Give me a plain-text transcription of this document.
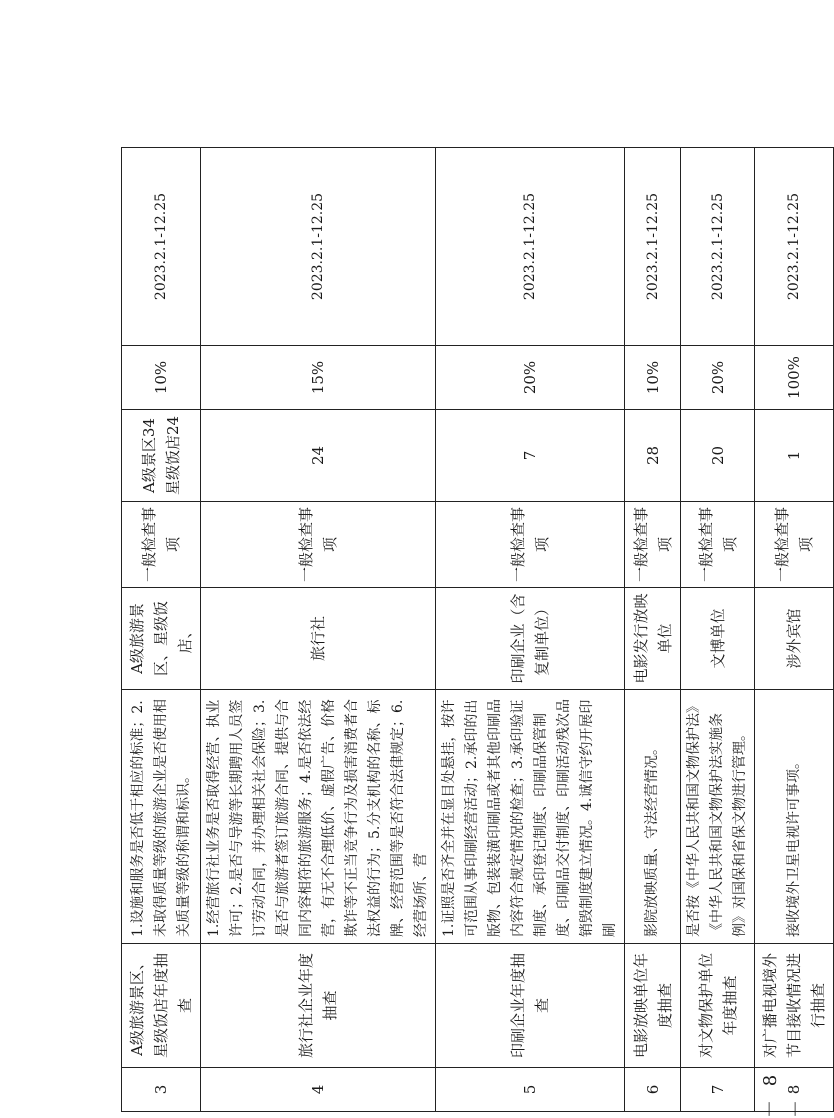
3	A级旅游景区、星级饭店年度抽　查	1.设施和服务是否低于相应的标准；2.未取得质量等级的旅游企业是否使用相关质量等级的称谓和标识。	A级旅游景区、星级饭店、	一般检查事项	A级景区34星级饭店24	10%	2023.2.1-12.25
4	旅行社企业年度抽查	1.经营旅行社业务是否取得经营、执业许可；2.是否与导游等长期聘用人员签订劳动合同，并办理相关社会保险；3.是否与旅游者签订旅游合同、提供与合同内容相符的旅游服务；4.是否依法经营，有无不合理低价、虚假广告、价格欺诈等不正当竞争行为及损害消费者合法权益的行为；5.分支机构的名称、标牌、经营范围等是否符合法律规定；6.经营场所、营	旅行社	一般检查事项	24	15%	2023.2.1-12.25
5	印刷企业年度抽　查	1.证照是否齐全并在显目处悬挂，按许可范围从事印刷经营活动；2.承印的出版物、包装装潢印刷品或者其他印刷品内容符合规定情况的检查；3.承印验证制度、承印登记制度、印刷品保管制度、印刷品交付制度、印刷活动残次品销毁制度建立情况。4.诚信守约开展印刷	印刷企业（含复制单位）	一般检查事项	7	20%	2023.2.1-12.25
6	电影放映单位年度抽查	影院放映质量、守法经营情况。	电影发行放映单位	一般检查事项	28	10%	2023.2.1-12.25
7	对文物保护单位年度抽查	是否按《中华人民共和国文物保护法》《中华人民共和国文物保护法实施条例》对国保和省保文物进行管理。	文博单位	一般检查事项	20	20%	2023.2.1-12.25
8	对广播电视境外节目接收情况进行抽查	接收境外卫星电视许可事项。	涉外宾馆	一般检查事项	1	100%	2023.2.1-12.25
－ 8 －
